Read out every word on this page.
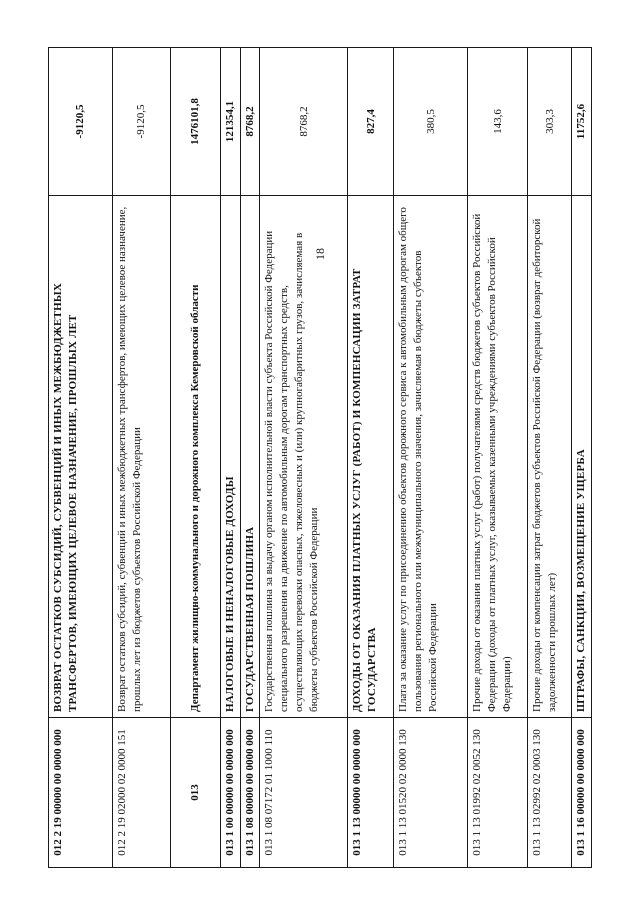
18
012 2 19 00000 00 0000 000	ВОЗВРАТ ОСТАТКОВ СУБСИДИЙ, СУБВЕНЦИЙ И ИНЫХ МЕЖБЮДЖЕТНЫХ ТРАНСФЕРТОВ, ИМЕЮЩИХ ЦЕЛЕВОЕ НАЗНАЧЕНИЕ, ПРОШЛЫХ ЛЕТ	-9120,5
012 2 19 02000 02 0000 151	Возврат остатков субсидий, субвенций и иных межбюджетных трансфертов, имеющих целевое назначение, прошлых лет из бюджетов субъектов Российской Федерации	-9120,5
013	Департамент жилищно-коммунального и дорожного комплекса Кемеровской области	1476101,8
013 1 00 00000 00 0000 000	НАЛОГОВЫЕ И НЕНАЛОГОВЫЕ ДОХОДЫ	121354,1
013 1 08 00000 00 0000 000	ГОСУДАРСТВЕННАЯ ПОШЛИНА	8768,2
013 1 08 07172 01 1000 110	Государственная пошлина за выдачу органом исполнительной власти субъекта Российской Федерации специального разрешения на движение по автомобильным дорогам транспортных средств, осуществляющих перевозки опасных, тяжеловесных и (или) крупногабаритных грузов, зачисляемая в бюджеты субъектов Российской Федерации	8768,2
013 1 13 00000 00 0000 000	ДОХОДЫ ОТ ОКАЗАНИЯ ПЛАТНЫХ УСЛУГ (РАБОТ) И КОМПЕНСАЦИИ ЗАТРАТ ГОСУДАРСТВА	827,4
013 1 13 01520 02 0000 130	Плата за оказание услуг по присоединению объектов дорожного сервиса к автомобильным дорогам общего пользования регионального или межмуниципального значения, зачисляемая в бюджеты субъектов Российской Федерации	380,5
013 1 13 01992 02 0052 130	Прочие доходы от оказания платных услуг (работ) получателями средств бюджетов субъектов Российской Федерации (доходы от платных услуг, оказываемых казенными учреждениями субъектов Российской Федерации)	143,6
013 1 13 02992 02 0003 130	Прочие доходы от компенсации затрат бюджетов субъектов Российской Федерации (возврат дебиторской задолженности прошлых лет)	303,3
013 1 16 00000 00 0000 000	ШТРАФЫ, САНКЦИИ, ВОЗМЕЩЕНИЕ УЩЕРБА	11752,6
